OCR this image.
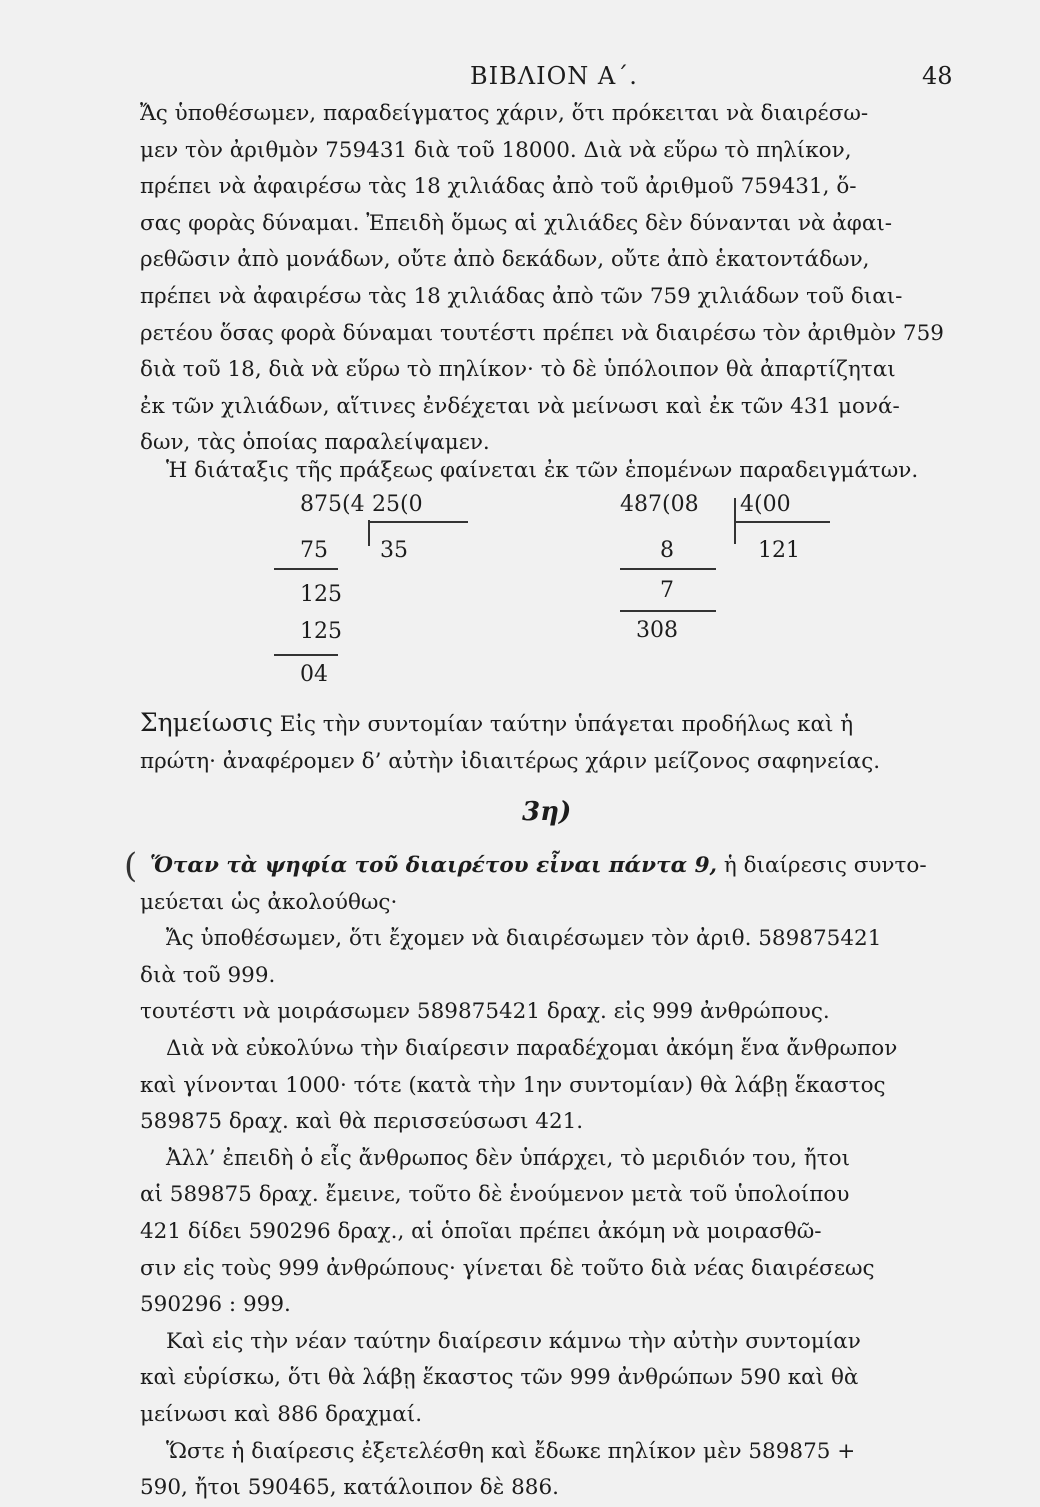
ΒΙΒΛΙΟΝ Α΄.	48
Ἄς ὑποθέσωμεν, παραδείγματος χάριν, ὅτι πρόκειται νὰ διαιρέσω-
μεν τὸν ἀριθμὸν 759431 διὰ τοῦ 18000. Διὰ νὰ εὕρω τὸ πηλίκον,
πρέπει νὰ ἀφαιρέσω τὰς 18 χιλιάδας ἀπὸ τοῦ ἀριθμοῦ 759431, ὅ-
σας φορὰς δύναμαι. Ἐπειδὴ ὅμως αἱ χιλιάδες δὲν δύνανται νὰ ἀφαι-
ρεθῶσιν ἀπὸ μονάδων, οὔτε ἀπὸ δεκάδων, οὔτε ἀπὸ ἑκατοντάδων,
πρέπει νὰ ἀφαιρέσω τὰς 18 χιλιάδας ἀπὸ τῶν 759 χιλιάδων τοῦ διαι-
ρετέου ὅσας φορὰ δύναμαι τουτέστι πρέπει νὰ διαιρέσω τὸν ἀριθμὸν 759
διὰ τοῦ 18, διὰ νὰ εὕρω τὸ πηλίκον· τὸ δὲ ὑπόλοιπον θὰ ἀπαρτίζηται
ἐκ τῶν χιλιάδων, αἵτινες ἐνδέχεται νὰ μείνωσι καὶ ἐκ τῶν 431 μονά-
δων, τὰς ὁποίας παραλείψαμεν.
Ἡ διάταξις τῆς πράξεως φαίνεται ἐκ τῶν ἑπομένων παραδειγμάτων.
875(4 25(0
75 35
125
125
04
487(08 4(00
8	121
7
308
Σημείωσις Εἰς τὴν συντομίαν ταύτην ὑπάγεται προδήλως καὶ ἡ
πρώτη· ἀναφέρομεν δ’ αὐτὴν ἰδιαιτέρως χάριν μείζονος σαφηνείας.
3η)
( Ὅταν τὰ ψηφία τοῦ διαιρέτου εἶναι πάντα 9, ἡ διαίρεσις συντο-
μεύεται ὡς ἀκολούθως·
Ἄς ὑποθέσωμεν, ὅτι ἔχομεν νὰ διαιρέσωμεν τὸν ἀριθ. 589875421
διὰ τοῦ 999.
τουτέστι νὰ μοιράσωμεν 589875421 δραχ. εἰς 999 ἀνθρώπους.
Διὰ νὰ εὐκολύνω τὴν διαίρεσιν παραδέχομαι ἀκόμη ἕνα ἄνθρωπον
καὶ γίνονται 1000· τότε (κατὰ τὴν 1ην συντομίαν) θὰ λάβῃ ἕκαστος
589875 δραχ. καὶ θὰ περισσεύσωσι 421.
Ἀλλ’ ἐπειδὴ ὁ εἷς ἄνθρωπος δὲν ὑπάρχει, τὸ μεριδιόν του, ἤτοι
αἱ 589875 δραχ. ἔμεινε, τοῦτο δὲ ἑνούμενον μετὰ τοῦ ὑπολοίπου
421 δίδει 590296 δραχ., αἱ ὁποῖαι πρέπει ἀκόμη νὰ μοιρασθῶ-
σιν εἰς τοὺς 999 ἀνθρώπους· γίνεται δὲ τοῦτο διὰ νέας διαιρέσεως
590296 : 999.
Καὶ εἰς τὴν νέαν ταύτην διαίρεσιν κάμνω τὴν αὐτὴν συντομίαν
καὶ εὑρίσκω, ὅτι θὰ λάβῃ ἕκαστος τῶν 999 ἀνθρώπων 590 καὶ θὰ
μείνωσι καὶ 886 δραχμαί.
Ὥστε ἡ διαίρεσις ἐξετελέσθη καὶ ἔδωκε πηλίκον μὲν 589875 +
590, ἤτοι 590465, κατάλοιπον δὲ 886.
